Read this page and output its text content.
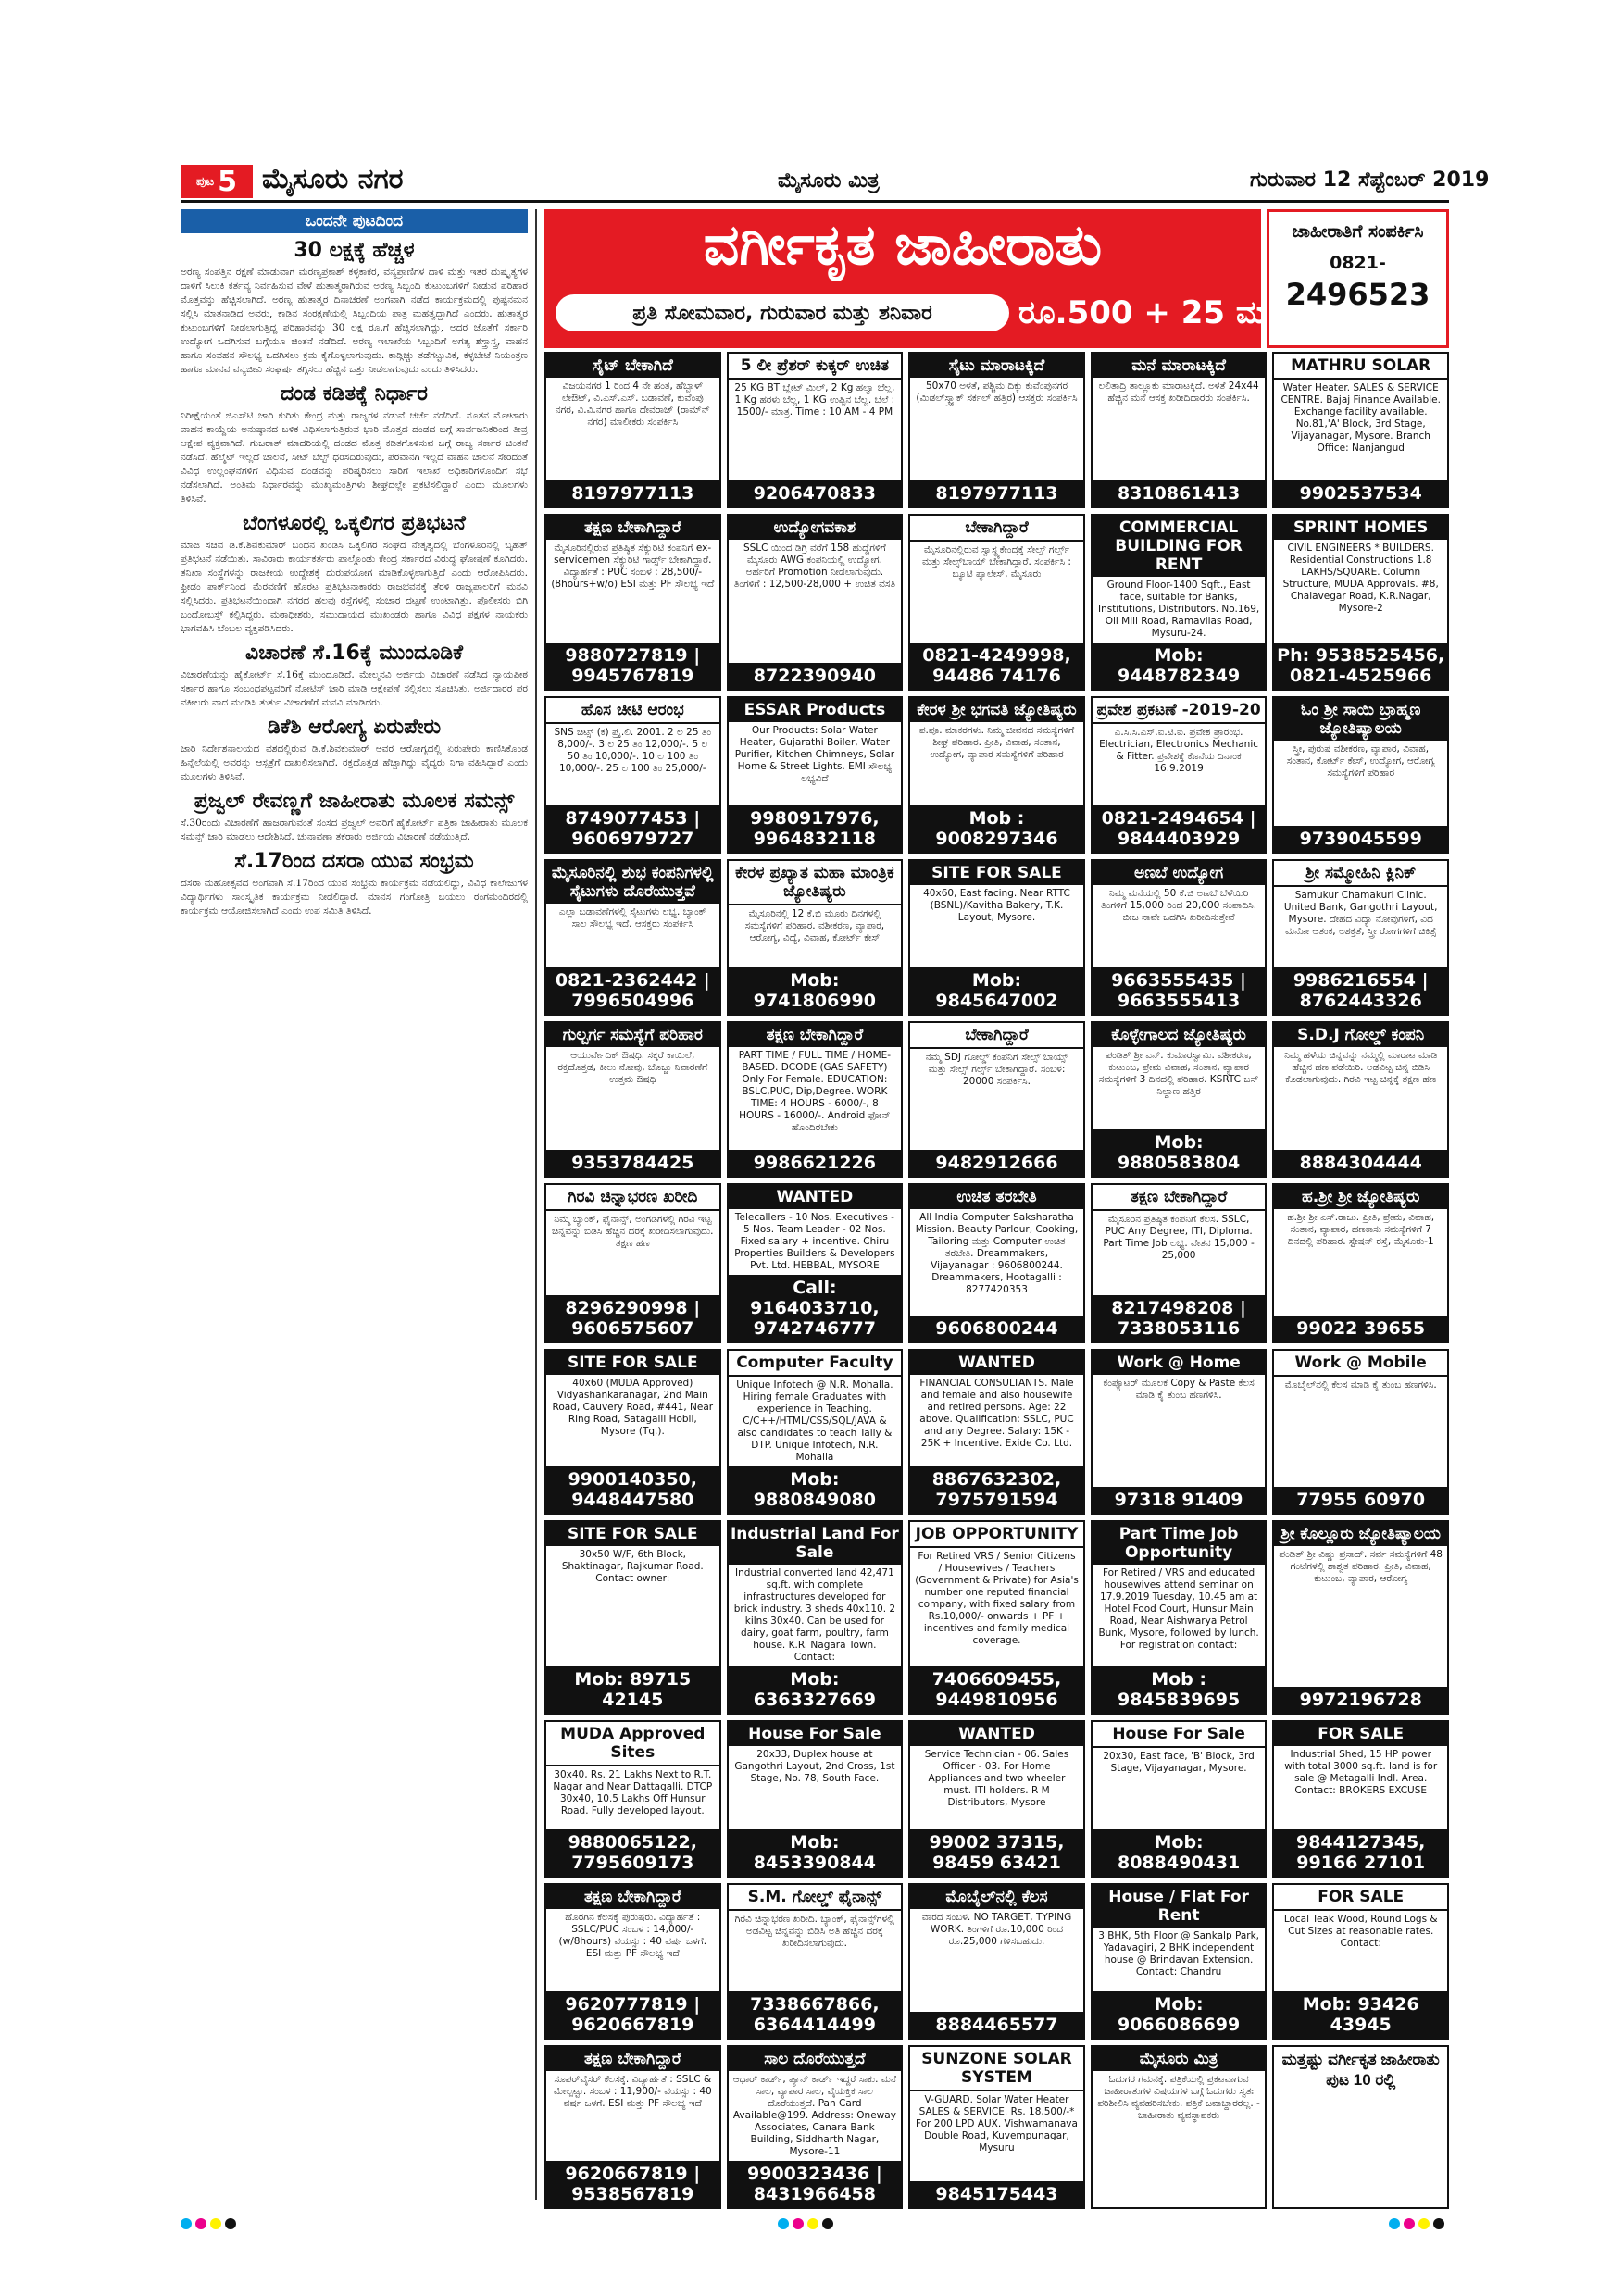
ಪುಟ 5 ಮೈಸೂರು ನಗರ	ಮೈಸೂರು ಮಿತ್ರ	ಗುರುವಾರ 12 ಸೆಪ್ಟೆಂಬರ್ 2019
ಒಂದನೇ ಪುಟದಿಂದ
30 ಲಕ್ಷಕ್ಕೆ ಹೆಚ್ಚಳ

ಅರಣ್ಯ ಸಂಪತ್ತಿನ ರಕ್ಷಣೆ ಮಾಡುವಾಗ ಮರಣ್ಯಪ್ರಕಾಶ್ ಕಳ್ಳಕಾಕರ, ವನ್ಯಪ್ರಾಣಿಗಳ ದಾಳಿ ಮತ್ತು ಇತರ ದುಷ್ಕೃತ್ಯಗಳ ದಾಳಿಗೆ ಸಿಲುಕಿ ಕರ್ತವ್ಯ ನಿರ್ವಹಿಸುವ ವೇಳೆ ಹುತಾತ್ಮರಾಗಿರುವ ಅರಣ್ಯ ಸಿಬ್ಬಂದಿ ಕುಟುಂಬಗಳಿಗೆ ನೀಡುವ ಪರಿಹಾರ ಮೊತ್ತವನ್ನು ಹೆಚ್ಚಿಸಲಾಗಿದೆ. ಅರಣ್ಯ ಹುತಾತ್ಮರ ದಿನಾಚರಣೆ ಅಂಗವಾಗಿ ನಡೆದ ಕಾರ್ಯಕ್ರಮದಲ್ಲಿ ಪುಷ್ಪನಮನ ಸಲ್ಲಿಸಿ ಮಾತನಾಡಿದ ಅವರು, ಕಾಡಿನ ಸಂರಕ್ಷಣೆಯಲ್ಲಿ ಸಿಬ್ಬಂದಿಯ ಪಾತ್ರ ಮಹತ್ವದ್ದಾಗಿದೆ ಎಂದರು. ಹುತಾತ್ಮರ ಕುಟುಂಬಗಳಿಗೆ ನೀಡಲಾಗುತ್ತಿದ್ದ ಪರಿಹಾರವನ್ನು 30 ಲಕ್ಷ ರೂ.ಗೆ ಹೆಚ್ಚಿಸಲಾಗಿದ್ದು, ಅದರ ಜೊತೆಗೆ ಸರ್ಕಾರಿ ಉದ್ಯೋಗ ಒದಗಿಸುವ ಬಗ್ಗೆಯೂ ಚಿಂತನೆ ನಡೆದಿದೆ. ಅರಣ್ಯ ಇಲಾಖೆಯ ಸಿಬ್ಬಂದಿಗೆ ಅಗತ್ಯ ಶಸ್ತ್ರಾಸ್ತ್ರ, ವಾಹನ ಹಾಗೂ ಸಂವಹನ ಸೌಲಭ್ಯ ಒದಗಿಸಲು ಕ್ರಮ ಕೈಗೊಳ್ಳಲಾಗುವುದು. ಕಾಡ್ಗಿಚ್ಚು ತಡೆಗಟ್ಟುವಿಕೆ, ಕಳ್ಳಬೇಟೆ ನಿಯಂತ್ರಣ ಹಾಗೂ ಮಾನವ ವನ್ಯಜೀವಿ ಸಂಘರ್ಷ ತಗ್ಗಿಸಲು ಹೆಚ್ಚಿನ ಒತ್ತು ನೀಡಲಾಗುವುದು ಎಂದು ತಿಳಿಸಿದರು.

ದಂಡ ಕಡಿತಕ್ಕೆ ನಿರ್ಧಾರ

ನಿರೀಕ್ಷೆಯಂತೆ ಜಿಎಸ್‌ಟಿ ಜಾರಿ ಕುರಿತು ಕೇಂದ್ರ ಮತ್ತು ರಾಜ್ಯಗಳ ನಡುವೆ ಚರ್ಚೆ ನಡೆದಿದೆ. ನೂತನ ಮೋಟಾರು ವಾಹನ ಕಾಯ್ದೆಯ ಅನುಷ್ಠಾನದ ಬಳಿಕ ವಿಧಿಸಲಾಗುತ್ತಿರುವ ಭಾರಿ ಮೊತ್ತದ ದಂಡದ ಬಗ್ಗೆ ಸಾರ್ವಜನಿಕರಿಂದ ತೀವ್ರ ಆಕ್ಷೇಪ ವ್ಯಕ್ತವಾಗಿದೆ. ಗುಜರಾತ್ ಮಾದರಿಯಲ್ಲಿ ದಂಡದ ಮೊತ್ತ ಕಡಿತಗೊಳಿಸುವ ಬಗ್ಗೆ ರಾಜ್ಯ ಸರ್ಕಾರ ಚಿಂತನೆ ನಡೆಸಿದೆ. ಹೆಲ್ಮೆಟ್ ಇಲ್ಲದೆ ಚಾಲನೆ, ಸೀಟ್ ಬೆಲ್ಟ್ ಧರಿಸದಿರುವುದು, ಪರವಾನಗಿ ಇಲ್ಲದೆ ವಾಹನ ಚಾಲನೆ ಸೇರಿದಂತೆ ವಿವಿಧ ಉಲ್ಲಂಘನೆಗಳಿಗೆ ವಿಧಿಸುವ ದಂಡವನ್ನು ಪರಿಷ್ಕರಿಸಲು ಸಾರಿಗೆ ಇಲಾಖೆ ಅಧಿಕಾರಿಗಳೊಂದಿಗೆ ಸಭೆ ನಡೆಸಲಾಗಿದೆ. ಅಂತಿಮ ನಿರ್ಧಾರವನ್ನು ಮುಖ್ಯಮಂತ್ರಿಗಳು ಶೀಘ್ರದಲ್ಲೇ ಪ್ರಕಟಿಸಲಿದ್ದಾರೆ ಎಂದು ಮೂಲಗಳು ತಿಳಿಸಿವೆ.

ಬೆಂಗಳೂರಲ್ಲಿ ಒಕ್ಕಲಿಗರ ಪ್ರತಿಭಟನೆ

ಮಾಜಿ ಸಚಿವ ಡಿ.ಕೆ.ಶಿವಕುಮಾರ್ ಬಂಧನ ಖಂಡಿಸಿ ಒಕ್ಕಲಿಗರ ಸಂಘದ ನೇತೃತ್ವದಲ್ಲಿ ಬೆಂಗಳೂರಿನಲ್ಲಿ ಬೃಹತ್ ಪ್ರತಿಭಟನೆ ನಡೆಯಿತು. ಸಾವಿರಾರು ಕಾರ್ಯಕರ್ತರು ಪಾಲ್ಗೊಂಡು ಕೇಂದ್ರ ಸರ್ಕಾರದ ವಿರುದ್ಧ ಘೋಷಣೆ ಕೂಗಿದರು. ತನಿಖಾ ಸಂಸ್ಥೆಗಳನ್ನು ರಾಜಕೀಯ ಉದ್ದೇಶಕ್ಕೆ ದುರುಪಯೋಗ ಮಾಡಿಕೊಳ್ಳಲಾಗುತ್ತಿದೆ ಎಂದು ಆರೋಪಿಸಿದರು. ಫ್ರೀಡಂ ಪಾರ್ಕ್‌ನಿಂದ ಮೆರವಣಿಗೆ ಹೊರಟ ಪ್ರತಿಭಟನಾಕಾರರು ರಾಜಭವನಕ್ಕೆ ತೆರಳಿ ರಾಜ್ಯಪಾಲರಿಗೆ ಮನವಿ ಸಲ್ಲಿಸಿದರು. ಪ್ರತಿಭಟನೆಯಿಂದಾಗಿ ನಗರದ ಹಲವು ರಸ್ತೆಗಳಲ್ಲಿ ಸಂಚಾರ ದಟ್ಟಣೆ ಉಂಟಾಗಿತ್ತು. ಪೊಲೀಸರು ಬಿಗಿ ಬಂದೋಬಸ್ತ್ ಕಲ್ಪಿಸಿದ್ದರು. ಮಠಾಧೀಶರು, ಸಮುದಾಯದ ಮುಖಂಡರು ಹಾಗೂ ವಿವಿಧ ಪಕ್ಷಗಳ ನಾಯಕರು ಭಾಗವಹಿಸಿ ಬೆಂಬಲ ವ್ಯಕ್ತಪಡಿಸಿದರು.

ವಿಚಾರಣೆ ಸೆ.16ಕ್ಕೆ ಮುಂದೂಡಿಕೆ

ವಿಚಾರಣೆಯನ್ನು ಹೈಕೋರ್ಟ್ ಸೆ.16ಕ್ಕೆ ಮುಂದೂಡಿದೆ. ಮೇಲ್ಮನವಿ ಅರ್ಜಿಯ ವಿಚಾರಣೆ ನಡೆಸಿದ ನ್ಯಾಯಪೀಠ ಸರ್ಕಾರ ಹಾಗೂ ಸಂಬಂಧಪಟ್ಟವರಿಗೆ ನೋಟಿಸ್ ಜಾರಿ ಮಾಡಿ ಆಕ್ಷೇಪಣೆ ಸಲ್ಲಿಸಲು ಸೂಚಿಸಿತು. ಅರ್ಜಿದಾರರ ಪರ ವಕೀಲರು ವಾದ ಮಂಡಿಸಿ ತುರ್ತು ವಿಚಾರಣೆಗೆ ಮನವಿ ಮಾಡಿದರು.

ಡಿಕೆಶಿ ಆರೋಗ್ಯ ಏರುಪೇರು

ಜಾರಿ ನಿರ್ದೇಶನಾಲಯದ ವಶದಲ್ಲಿರುವ ಡಿ.ಕೆ.ಶಿವಕುಮಾರ್ ಅವರ ಆರೋಗ್ಯದಲ್ಲಿ ಏರುಪೇರು ಕಾಣಿಸಿಕೊಂಡ ಹಿನ್ನೆಲೆಯಲ್ಲಿ ಅವರನ್ನು ಆಸ್ಪತ್ರೆಗೆ ದಾಖಲಿಸಲಾಗಿದೆ. ರಕ್ತದೊತ್ತಡ ಹೆಚ್ಚಾಗಿದ್ದು ವೈದ್ಯರು ನಿಗಾ ವಹಿಸಿದ್ದಾರೆ ಎಂದು ಮೂಲಗಳು ತಿಳಿಸಿವೆ.

ಪ್ರಜ್ವಲ್ ರೇವಣ್ಣಗೆ ಜಾಹೀರಾತು ಮೂಲಕ ಸಮನ್ಸ್

ಸೆ.30ರಂದು ವಿಚಾರಣೆಗೆ ಹಾಜರಾಗುವಂತೆ ಸಂಸದ ಪ್ರಜ್ವಲ್ ಅವರಿಗೆ ಹೈಕೋರ್ಟ್ ಪತ್ರಿಕಾ ಜಾಹೀರಾತು ಮೂಲಕ ಸಮನ್ಸ್ ಜಾರಿ ಮಾಡಲು ಆದೇಶಿಸಿದೆ. ಚುನಾವಣಾ ತಕರಾರು ಅರ್ಜಿಯ ವಿಚಾರಣೆ ನಡೆಯುತ್ತಿದೆ.

ಸೆ.17ರಿಂದ ದಸರಾ ಯುವ ಸಂಭ್ರಮ

ದಸರಾ ಮಹೋತ್ಸವದ ಅಂಗವಾಗಿ ಸೆ.17ರಿಂದ ಯುವ ಸಂಭ್ರಮ ಕಾರ್ಯಕ್ರಮ ನಡೆಯಲಿದ್ದು, ವಿವಿಧ ಕಾಲೇಜುಗಳ ವಿದ್ಯಾರ್ಥಿಗಳು ಸಾಂಸ್ಕೃತಿಕ ಕಾರ್ಯಕ್ರಮ ನೀಡಲಿದ್ದಾರೆ. ಮಾನಸ ಗಂಗೋತ್ರಿ ಬಯಲು ರಂಗಮಂದಿರದಲ್ಲಿ ಕಾರ್ಯಕ್ರಮ ಆಯೋಜಿಸಲಾಗಿದೆ ಎಂದು ಉಪ ಸಮಿತಿ ತಿಳಿಸಿದೆ.

ವರ್ಗೀಕೃತ ಜಾಹೀರಾತು
ಪ್ರತಿ ಸೋಮವಾರ, ಗುರುವಾರ ಮತ್ತು ಶನಿವಾರ	ರೂ.500 + 25 ಮಾತ್ರ
ಜಾಹೀರಾತಿಗೆ ಸಂಪರ್ಕಿಸಿ
0821-
2496523
ಸೈಟ್ ಬೇಕಾಗಿದೆ
ವಿಜಯನಗರ 1 ರಿಂದ 4 ನೇ ಹಂತ, ಹೆಬ್ಬಾಳ್ ಲೇಔಟ್, ವಿ.ಎಸ್.ಎಸ್. ಬಡಾವಣೆ, ಕುವೆಂಪು ನಗರ, ವಿ.ವಿ.ನಗರ ಹಾಗೂ ದೇವರಾಜ್ (ರಾಮ್‌ನ್ ನಗರ) ಮಾಲೀಕರು ಸಂಪರ್ಕಿಸಿ
8197977113
5 ಲೀ ಪ್ರೆಶರ್ ಕುಕ್ಕರ್ ಉಚಿತ
25 KG BT ಬ್ಲೇಟ್ ಮಿಲ್, 2 Kg ಹಲ್ವಾ ಬೆಲ್ಲ, 1 Kg ಹರಳು ಬೆಲ್ಲ, 1 KG ಉಪ್ಪಿನ ಬೆಲ್ಲ. ಬೆಲೆ : 1500/- ಮಾತ್ರ. Time : 10 AM - 4 PM
9206470833
ಸೈಟು ಮಾರಾಟಕ್ಕಿದೆ
50x70 ಅಳತೆ, ಪಶ್ಚಿಮ ದಿಕ್ಕು ಕುವೆಂಪುನಗರ (ಮಿಡಲ್‌ಸ್ಕ್ರ್ಯಾಕ್ ಸರ್ಕಲ್ ಹತ್ತಿರ) ಆಸಕ್ತರು ಸಂಪರ್ಕಿಸಿ
8197977113
ಮನೆ ಮಾರಾಟಕ್ಕಿದೆ
ಲಲಿತಾದ್ರಿ ತಾಲ್ಲೂಕು ಮಾರಾಟಕ್ಕಿದೆ. ಅಳತೆ 24x44 ಹೆಚ್ಚಿನ ಮನೆ ಆಸಕ್ತ ಖರೀದಿದಾರರು ಸಂಪರ್ಕಿಸಿ.
8310861413
MATHRU SOLAR
Water Heater. SALES & SERVICE CENTRE. Bajaj Finance Available. Exchange facility available. No.81,'A' Block, 3rd Stage, Vijayanagar, Mysore. Branch Office: Nanjangud
9902537534
ತಕ್ಷಣ ಬೇಕಾಗಿದ್ದಾರೆ
ಮೈಸೂರಿನಲ್ಲಿರುವ ಪ್ರತಿಷ್ಠಿತ ಸೆಕ್ಯುರಿಟಿ ಕಂಪನಿಗೆ ex-servicemen ಸೆಕ್ಯುರಿಟಿ ಗಾರ್ಡ್ಸ್ ಬೇಕಾಗಿದ್ದಾರೆ. ವಿದ್ಯಾರ್ಹತೆ : PUC ಸಂಬಳ : 28,500/- (8hours+w/o) ESI ಮತ್ತು PF ಸೌಲಭ್ಯ ಇದೆ
9880727819 | 9945767819
ಉದ್ಯೋಗವಕಾಶ
SSLC ಯಿಂದ ಡಿಗ್ರಿ ವರೆಗೆ 158 ಹುದ್ದೆಗಳಿಗೆ ಮೈಸೂರು AWG ಕಂಪನಿಯಲ್ಲಿ ಉದ್ಯೋಗ. ಅರ್ಹರಿಗೆ Promotion ನೀಡಲಾಗುವುದು. ತಿಂಗಳಿಗೆ : 12,500-28,000 + ಉಚಿತ ವಸತಿ
8722390940
ಬೇಕಾಗಿದ್ದಾರೆ
ಮೈಸೂರಿನಲ್ಲಿರುವ ಸ್ವಾಸ್ಥ್ಯಕೇಂದ್ರಕ್ಕೆ ಸೇಲ್ಸ್ ಗರ್ಲ್ಸ್ ಮತ್ತು ಸೇಲ್ಸ್‌ಬಾಯ್ ಬೇಕಾಗಿದ್ದಾರೆ. ಸಂಪರ್ಕಿಸಿ : ಬ್ಯೂಟಿ ಪ್ಯಾಲೇಸ್, ಮೈಸೂರು
0821-4249998, 94486 74176
COMMERCIAL BUILDING FOR RENT
Ground Floor-1400 Sqft., East face, suitable for Banks, Institutions, Distributors. No.169, Oil Mill Road, Ramavilas Road, Mysuru-24.
Mob: 9448782349
SPRINT HOMES
CIVIL ENGINEERS * BUILDERS. Residential Constructions 1.8 LAKHS/SQUARE. Column Structure, MUDA Approvals. #8, Chalavegar Road, K.R.Nagar, Mysore-2
Ph: 9538525456, 0821-4525966
ಹೊಸ ಚೀಟಿ ಆರಂಭ
SNS ಚಿಟ್ಸ್ (ಕ) ಪ್ರೈ.ಲಿ. 2001. 2 ಲ 25 ತಿಂ 8,000/-. 3 ಲ 25 ತಿಂ 12,000/-. 5 ಲ 50 ತಿಂ 10,000/-. 10 ಲ 100 ತಿಂ 10,000/-. 25 ಲ 100 ತಿಂ 25,000/-
8749077453 | 9606979727
ESSAR Products
Our Products: Solar Water Heater, Gujarathi Boiler, Water Purifier, Kitchen Chimneys, Solar Home & Street Lights. EMI ಸೌಲಭ್ಯ ಲಭ್ಯವಿದೆ
9980917976, 9964832118
ಕೇರಳ ಶ್ರೀ ಭಗವತಿ ಜ್ಯೋತಿಷ್ಯರು
ಪ.ಪೂ. ಮಾಕರಗಳು. ನಿಮ್ಮ ಜೀವನದ ಸಮಸ್ಯೆಗಳಿಗೆ ಶೀಘ್ರ ಪರಿಹಾರ. ಪ್ರೀತಿ, ವಿವಾಹ, ಸಂತಾನ, ಉದ್ಯೋಗ, ವ್ಯಾಪಾರ ಸಮಸ್ಯೆಗಳಿಗೆ ಪರಿಹಾರ
Mob : 9008297346
ಪ್ರವೇಶ ಪ್ರಕಟಣೆ -2019-20
ಎ.ಸಿ.ಸಿ.ಎಸ್.ಐ.ಟಿ.ಐ. ಪ್ರವೇಶ ಪ್ರಾರಂಭ. Electrician, Electronics Mechanic & Fitter. ಪ್ರವೇಶಕ್ಕೆ ಕೊನೆಯ ದಿನಾಂಕ 16.9.2019
0821-2494654 | 9844403929
ಓಂ ಶ್ರೀ ಸಾಯಿ ಬ್ರಾಹ್ಮಣ ಜ್ಯೋತಿಷ್ಯಾಲಯ
ಸ್ತ್ರೀ, ಪುರುಷ ವಶೀಕರಣ, ವ್ಯಾಪಾರ, ವಿವಾಹ, ಸಂತಾನ, ಕೋರ್ಟ್ ಕೇಸ್, ಉದ್ಯೋಗ, ಆರೋಗ್ಯ ಸಮಸ್ಯೆಗಳಿಗೆ ಪರಿಹಾರ
9739045599
ಮೈಸೂರಿನಲ್ಲಿ ಶುಭ ಕಂಪನಿಗಳಲ್ಲಿ ಸೈಟುಗಳು ದೊರೆಯುತ್ತವೆ
ಎಲ್ಲಾ ಬಡಾವಣೆಗಳಲ್ಲಿ ಸೈಟುಗಳು ಲಭ್ಯ. ಬ್ಯಾಂಕ್ ಸಾಲ ಸೌಲಭ್ಯ ಇದೆ. ಆಸಕ್ತರು ಸಂಪರ್ಕಿಸಿ
0821-2362442 | 7996504996
ಕೇರಳ ಪ್ರಖ್ಯಾತ ಮಹಾ ಮಾಂತ್ರಿಕ ಜ್ಯೋತಿಷ್ಯರು
ಮೈಸೂರಿನಲ್ಲಿ 12 ಕೆ.ಬಿ ಮೂರು ದಿನಗಳಲ್ಲಿ ಸಮಸ್ಯೆಗಳಿಗೆ ಪರಿಹಾರ. ವಶೀಕರಣ, ವ್ಯಾಪಾರ, ಆರೋಗ್ಯ, ವಿದ್ಯೆ, ವಿವಾಹ, ಕೋರ್ಟ್ ಕೇಸ್
Mob: 9741806990
SITE FOR SALE
40x60, East facing. Near RTTC (BSNL)/Kavitha Bakery, T.K. Layout, Mysore.
Mob: 9845647002
ಅಣಬೆ ಉದ್ಯೋಗ
ನಿಮ್ಮ ಮನೆಯಲ್ಲಿ 50 ಕೆ.ಜಿ ಅಣಬೆ ಬೆಳೆಯಿರಿ ತಿಂಗಳಿಗೆ 15,000 ರಿಂದ 20,000 ಸಂಪಾದಿಸಿ. ಬೀಜ ನಾವೇ ಒದಗಿಸಿ ಖರೀದಿಸುತ್ತೇವೆ
9663555435 | 9663555413
ಶ್ರೀ ಸಮ್ಮೋಹಿನಿ ಕ್ಲಿನಿಕ್
Samukur Chamakuri Clinic. United Bank, Gangothri Layout, Mysore. ದೇಹದ ವಿದ್ಯಾ ನೋವುಗಳಿಗೆ, ವಿಧ ಮನೋ ಆತಂಕ, ಅಶಕ್ತತೆ, ಸ್ತ್ರೀ ರೋಗಗಳಿಗೆ ಚಿಕಿತ್ಸೆ
9986216554 | 8762443326
ಗುಲ್ಬರ್ಗ ಸಮಸ್ಯೆಗೆ ಪರಿಹಾರ
ಆಯುರ್ವೇದಿಕ್ ಔಷಧಿ. ಸಕ್ಕರೆ ಕಾಯಿಲೆ, ರಕ್ತದೊತ್ತಡ, ಕೀಲು ನೋವು, ಬೊಜ್ಜು ನಿವಾರಣೆಗೆ ಉತ್ತಮ ಔಷಧಿ
9353784425
ತಕ್ಷಣ ಬೇಕಾಗಿದ್ದಾರೆ
PART TIME / FULL TIME / HOME-BASED. DCODE (GAS SAFETY) Only For Female. EDUCATION: BSLC,PUC, Dip,Degree. WORK TIME: 4 HOURS - 6000/-, 8 HOURS - 16000/-. Android ಫೋನ್ ಹೊಂದಿರಬೇಕು
9986621226
ಬೇಕಾಗಿದ್ದಾರೆ
ನಮ್ಮ SDJ ಗೋಲ್ಡ್ ಕಂಪನಿಗೆ ಸೇಲ್ಸ್ ಬಾಯ್ಸ್ ಮತ್ತು ಸೇಲ್ಸ್ ಗರ್ಲ್ಸ್ ಬೇಕಾಗಿದ್ದಾರೆ. ಸಂಬಳ: 20000 ಸಂಪರ್ಕಿಸಿ.
9482912666
ಕೊಳ್ಳೇಗಾಲದ ಜ್ಯೋತಿಷ್ಯರು
ಪಂಡಿತ್ ಶ್ರೀ ಎನ್. ಕುಮಾರಸ್ವಾಮಿ. ವಶೀಕರಣ, ಕುಟುಂಬ, ಪ್ರೇಮ ವಿವಾಹ, ಸಂತಾನ, ವ್ಯಾಪಾರ ಸಮಸ್ಯೆಗಳಿಗೆ 3 ದಿನದಲ್ಲಿ ಪರಿಹಾರ. KSRTC ಬಸ್ ನಿಲ್ದಾಣ ಹತ್ತಿರ
Mob: 9880583804
S.D.J ಗೋಲ್ಡ್ ಕಂಪನಿ
ನಿಮ್ಮ ಹಳೆಯ ಚಿನ್ನವನ್ನು ನಮ್ಮಲ್ಲಿ ಮಾರಾಟ ಮಾಡಿ ಹೆಚ್ಚಿನ ಹಣ ಪಡೆಯಿರಿ. ಅಡವಿಟ್ಟ ಚಿನ್ನ ಬಿಡಿಸಿ ಕೊಡಲಾಗುವುದು. ಗಿರವಿ ಇಟ್ಟ ಚಿನ್ನಕ್ಕೆ ತಕ್ಷಣ ಹಣ
8884304444
ಗಿರವಿ ಚಿನ್ನಾಭರಣ ಖರೀದಿ
ನಿಮ್ಮ ಬ್ಯಾಂಕ್, ಫೈನಾನ್ಸ್, ಅಂಗಡಿಗಳಲ್ಲಿ ಗಿರವಿ ಇಟ್ಟ ಚಿನ್ನವನ್ನು ಬಿಡಿಸಿ ಹೆಚ್ಚಿನ ದರಕ್ಕೆ ಖರೀದಿಸಲಾಗುವುದು. ತಕ್ಷಣ ಹಣ
8296290998 | 9606575607
WANTED
Telecallers - 10 Nos. Executives - 5 Nos. Team Leader - 02 Nos. Fixed salary + incentive. Chiru Properties Builders & Developers Pvt. Ltd. HEBBAL, MYSORE
Call: 9164033710, 9742746777
ಉಚಿತ ತರಬೇತಿ
All India Computer Saksharatha Mission. Beauty Parlour, Cooking, Tailoring ಮತ್ತು Computer ಉಚಿತ ತರಬೇತಿ. Dreammakers, Vijayanagar : 9606800244. Dreammakers, Hootagalli : 8277420353
9606800244
ತಕ್ಷಣ ಬೇಕಾಗಿದ್ದಾರೆ
ಮೈಸೂರಿನ ಪ್ರತಿಷ್ಠಿತ ಕಂಪನಿಗೆ ಕೆಲಸ. SSLC, PUC Any Degree, ITI, Diploma. Part Time Job ಲಭ್ಯ. ವೇತನ 15,000 - 25,000
8217498208 | 7338053116
ಹ.ಶ್ರೀ ಶ್ರೀ ಜ್ಯೋತಿಷ್ಯರು
ಹ.ಶ್ರೀ ಶ್ರೀ ಎಸ್.ರಾಜು. ಪ್ರೀತಿ, ಪ್ರೇಮ, ವಿವಾಹ, ಸಂತಾನ, ವ್ಯಾಪಾರ, ಹಣಕಾಸು ಸಮಸ್ಯೆಗಳಿಗೆ 7 ದಿನದಲ್ಲಿ ಪರಿಹಾರ. ಸ್ಟೇಷನ್ ರಸ್ತೆ, ಮೈಸೂರು-1
99022 39655
SITE FOR SALE
40x60 (MUDA Approved) Vidyashankaranagar, 2nd Main Road, Cauvery Road, #441, Near Ring Road, Satagalli Hobli, Mysore (Tq.).
9900140350, 9448447580
Computer Faculty
Unique Infotech @ N.R. Mohalla. Hiring female Graduates with experience in Teaching. C/C++/HTML/CSS/SQL/JAVA & also candidates to teach Tally & DTP. Unique Infotech, N.R. Mohalla
Mob: 9880849080
WANTED
FINANCIAL CONSULTANTS. Male and female and also housewife and retired persons. Age: 22 above. Qualification: SSLC, PUC and any Degree. Salary: 15K - 25K + Incentive. Exide Co. Ltd.
8867632302, 7975791594
Work @ Home
ಕಂಪ್ಯೂಟರ್ ಮೂಲಕ Copy & Paste ಕೆಲಸ ಮಾಡಿ ಕೈ ತುಂಬ ಹಣಗಳಿಸಿ.
97318 91409
Work @ Mobile
ಮೊಬೈಲ್‌ನಲ್ಲಿ ಕೆಲಸ ಮಾಡಿ ಕೈ ತುಂಬ ಹಣಗಳಿಸಿ.
77955 60970
SITE FOR SALE
30x50 W/F, 6th Block, Shaktinagar, Rajkumar Road. Contact owner:
Mob: 89715 42145
Industrial Land For Sale
Industrial converted land 42,471 sq.ft. with complete infrastructures developed for brick industry. 3 sheds 40x110. 2 kilns 30x40. Can be used for dairy, goat farm, poultry, farm house. K.R. Nagara Town. Contact:
Mob: 6363327669
JOB OPPORTUNITY
For Retired VRS / Senior Citizens / Housewives / Teachers (Government & Private) for Asia's number one reputed financial company, with fixed salary from Rs.10,000/- onwards + PF + incentives and family medical coverage.
7406609455, 9449810956
Part Time Job Opportunity
For Retired / VRS and educated housewives attend seminar on 17.9.2019 Tuesday, 10.45 am at Hotel Food Court, Hunsur Main Road, Near Aishwarya Petrol Bunk, Mysore, followed by lunch. For registration contact:
Mob : 9845839695
ಶ್ರೀ ಕೊಲ್ಲೂರು ಜ್ಯೋತಿಷ್ಯಾಲಯ
ಪಂಡಿತ್ ಶ್ರೀ ವಿಷ್ಣು ಪ್ರಸಾದ್. ಸರ್ವ ಸಮಸ್ಯೆಗಳಿಗೆ 48 ಗಂಟೆಗಳಲ್ಲಿ ಶಾಶ್ವತ ಪರಿಹಾರ. ಪ್ರೀತಿ, ವಿವಾಹ, ಕುಟುಂಬ, ವ್ಯಾಪಾರ, ಆರೋಗ್ಯ
9972196728
MUDA Approved Sites
30x40, Rs. 21 Lakhs Next to R.T. Nagar and Near Dattagalli. DTCP 30x40, 10.5 Lakhs Off Hunsur Road. Fully developed layout.
9880065122, 7795609173
House For Sale
20x33, Duplex house at Gangothri Layout, 2nd Cross, 1st Stage, No. 78, South Face.
Mob: 8453390844
WANTED
Service Technician - 06. Sales Officer - 03. For Home Appliances and two wheeler must. ITI holders. R M Distributors, Mysore
99002 37315, 98459 63421
House For Sale
20x30, East face, 'B' Block, 3rd Stage, Vijayanagar, Mysore.
Mob: 8088490431
FOR SALE
Industrial Shed, 15 HP power with total 3000 sq.ft. land is for sale @ Metagalli Indl. Area. Contact: BROKERS EXCUSE
9844127345, 99166 27101
ತಕ್ಷಣ ಬೇಕಾಗಿದ್ದಾರೆ
ಹೊರಗಿನ ಕೆಲಸಕ್ಕೆ ಪುರುಷರು. ವಿದ್ಯಾರ್ಹತೆ : SSLC/PUC ಸಂಬಳ : 14,000/- (w/8hours) ವಯಸ್ಸು : 40 ವರ್ಷ ಒಳಗೆ. ESI ಮತ್ತು PF ಸೌಲಭ್ಯ ಇದೆ
9620777819 | 9620667819
S.M. ಗೋಲ್ಡ್ ಫೈನಾನ್ಸ್
ಗಿರವಿ ಚಿನ್ನಾಭರಣ ಖರೀದಿ. ಬ್ಯಾಂಕ್, ಫೈನಾನ್ಸ್‌ಗಳಲ್ಲಿ ಅಡವಿಟ್ಟ ಚಿನ್ನವನ್ನು ಬಿಡಿಸಿ ಅತಿ ಹೆಚ್ಚಿನ ದರಕ್ಕೆ ಖರೀದಿಸಲಾಗುವುದು.
7338667866, 6364414499
ಮೊಬೈಲ್‌ನಲ್ಲಿ ಕೆಲಸ
ವಾರದ ಸಂಬಳ. NO TARGET, TYPING WORK. ತಿಂಗಳಿಗೆ ರೂ.10,000 ರಿಂದ ರೂ.25,000 ಗಳಿಸಬಹುದು.
8884465577
House / Flat For Rent
3 BHK, 5th Floor @ Sankalp Park, Yadavagiri, 2 BHK independent house @ Brindavan Extension. Contact: Chandru
Mob: 9066086699
FOR SALE
Local Teak Wood, Round Logs & Cut Sizes at reasonable rates. Contact:
Mob: 93426 43945
ತಕ್ಷಣ ಬೇಕಾಗಿದ್ದಾರೆ
ಸೂಪರ್‌ವೈಸರ್ ಕೆಲಸಕ್ಕೆ. ವಿದ್ಯಾರ್ಹತೆ : SSLC & ಮೇಲ್ಪಟ್ಟು. ಸಂಬಳ : 11,900/- ವಯಸ್ಸು : 40 ವರ್ಷ ಒಳಗೆ. ESI ಮತ್ತು PF ಸೌಲಭ್ಯ ಇದೆ
9620667819 | 9538567819
ಸಾಲ ದೊರೆಯುತ್ತದೆ
ಆಧಾರ್ ಕಾರ್ಡ್, ಪ್ಯಾನ್ ಕಾರ್ಡ್ ಇದ್ದರೆ ಸಾಕು. ಮನೆ ಸಾಲ, ವ್ಯಾಪಾರ ಸಾಲ, ವೈಯಕ್ತಿಕ ಸಾಲ ದೊರೆಯುತ್ತದೆ. Pan Card Available@199. Address: Oneway Associates, Canara Bank Building, Siddharth Nagar, Mysore-11
9900323436 | 8431966458
SUNZONE SOLAR SYSTEM
V-GUARD. Solar Water Heater SALES & SERVICE. Rs. 18,500/-* For 200 LPD AUX. Vishwamanava Double Road, Kuvempunagar, Mysuru
9845175443
ಮೈಸೂರು ಮಿತ್ರ
ಓದುಗರ ಗಮನಕ್ಕೆ. ಪತ್ರಿಕೆಯಲ್ಲಿ ಪ್ರಕಟವಾಗುವ ಜಾಹೀರಾತುಗಳ ವಿಷಯಗಳ ಬಗ್ಗೆ ಓದುಗರು ಸ್ವತಃ ಪರಿಶೀಲಿಸಿ ವ್ಯವಹರಿಸಬೇಕು. ಪತ್ರಿಕೆ ಜವಾಬ್ದಾರರಲ್ಲ. - ಜಾಹೀರಾತು ವ್ಯವಸ್ಥಾಪಕರು
ಮತ್ತಷ್ಟು ವರ್ಗೀಕೃತ ಜಾಹೀರಾತು ಪುಟ 10 ರಲ್ಲಿ
